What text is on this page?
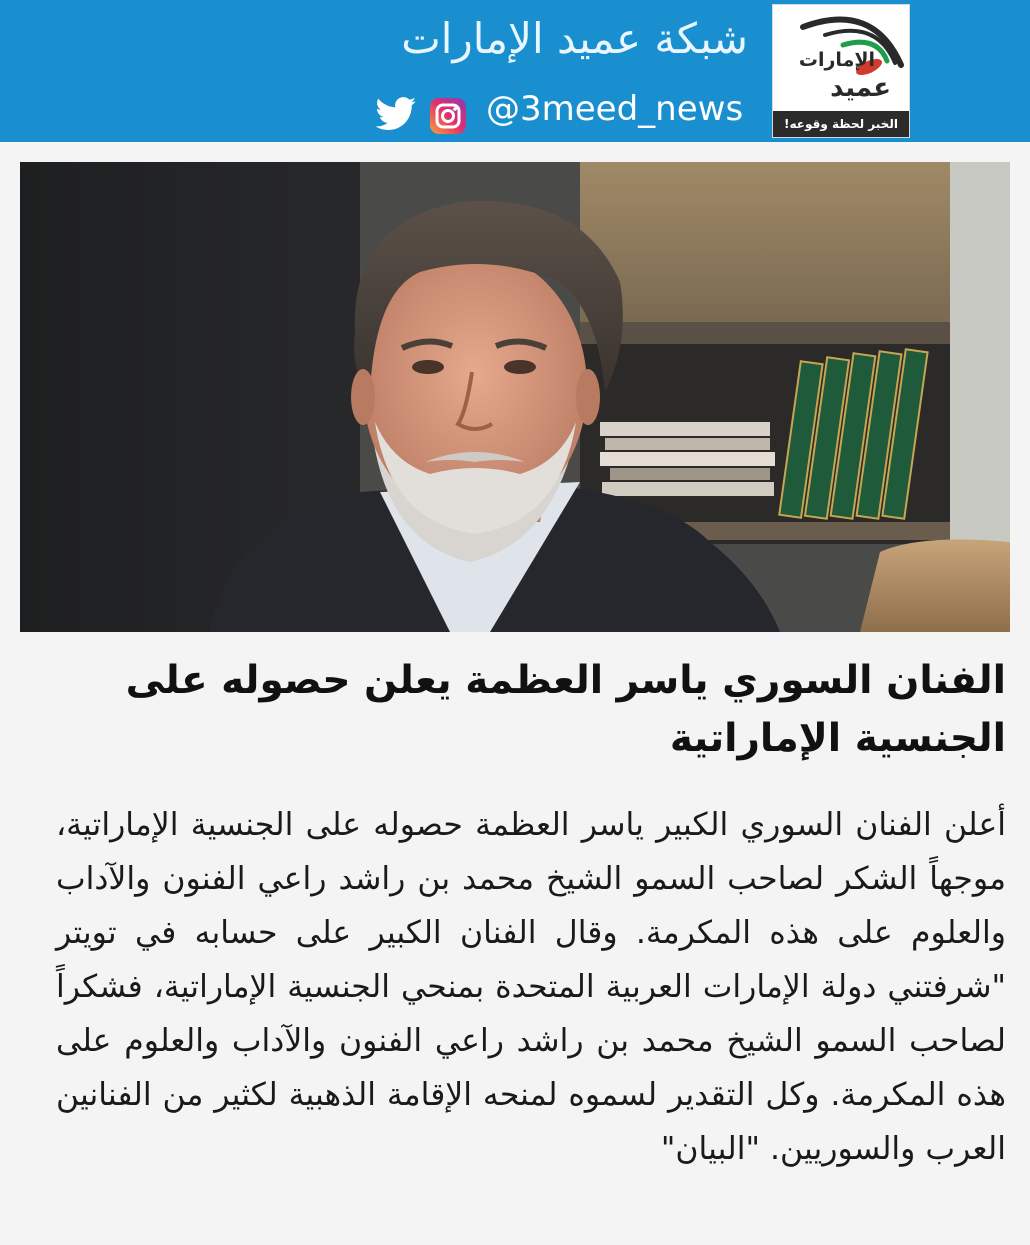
الإمارات
عميد
الخبر لحظة وقوعه!
شبكة عميد الإمارات
@3meed_news
الفنان السوري ياسر العظمة يعلن حصوله على الجنسية الإماراتية

أعلن الفنان السوري الكبير ياسر العظمة حصوله على الجنسية الإماراتية، موجهاً الشكر لصاحب السمو الشيخ محمد بن راشد راعي الفنون والآداب والعلوم على هذه المكرمة. وقال الفنان الكبير على حسابه في تويتر "شرفتني دولة الإمارات العربية المتحدة بمنحي الجنسية الإماراتية، فشكراً لصاحب السمو الشيخ محمد بن راشد راعي الفنون والآداب والعلوم على هذه المكرمة. وكل التقدير لسموه لمنحه الإقامة الذهبية لكثير من الفنانين العرب والسوريين. "البيان"
